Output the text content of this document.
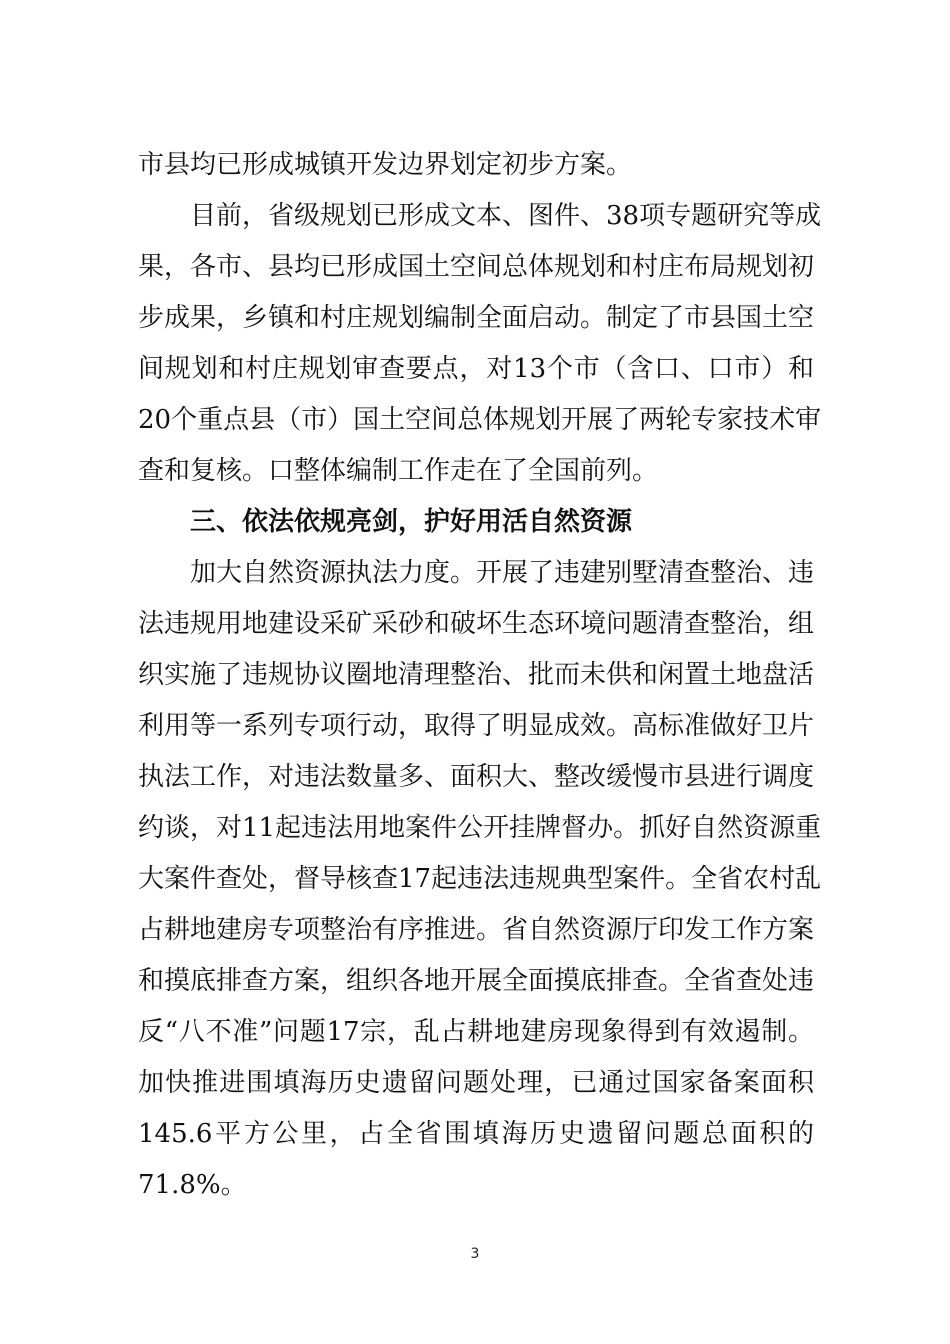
市县均已形成城镇开发边界划定初步方案。
目前，省级规划已形成文本、图件、38项专题研究等成
果，各市、县均已形成国土空间总体规划和村庄布局规划初
步成果，乡镇和村庄规划编制全面启动。制定了市县国土空
间规划和村庄规划审查要点，对13个市（含口、口市）和
20个重点县（市）国土空间总体规划开展了两轮专家技术审
查和复核。口整体编制工作走在了全国前列。
三、依法依规亮剑，护好用活自然资源
加大自然资源执法力度。开展了违建别墅清查整治、违
法违规用地建设采矿采砂和破坏生态环境问题清查整治，组
织实施了违规协议圈地清理整治、批而未供和闲置土地盘活
利用等一系列专项行动，取得了明显成效。高标准做好卫片
执法工作，对违法数量多、面积大、整改缓慢市县进行调度
约谈，对11起违法用地案件公开挂牌督办。抓好自然资源重
大案件查处，督导核查17起违法违规典型案件。全省农村乱
占耕地建房专项整治有序推进。省自然资源厅印发工作方案
和摸底排查方案，组织各地开展全面摸底排查。全省查处违
反“八不准”问题17宗，乱占耕地建房现象得到有效遏制。
加快推进围填海历史遗留问题处理，已通过国家备案面积
145.6平方公里，占全省围填海历史遗留问题总面积的
71.8%。
3
